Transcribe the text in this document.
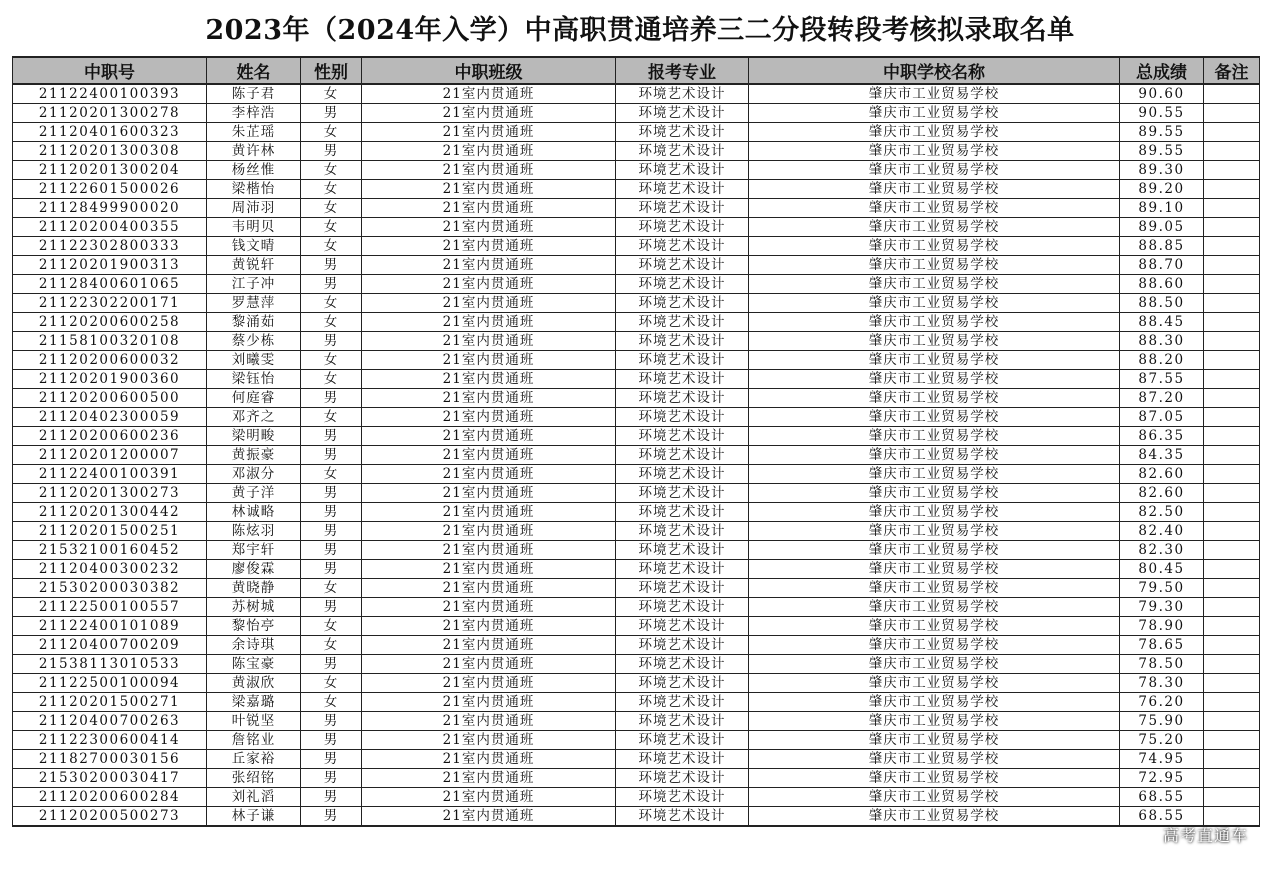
2023年（2024年入学）中高职贯通培养三二分段转段考核拟录取名单
中职号	姓名	性别	中职班级	报考专业	中职学校名称	总成绩	备注
21122400100393	陈子君	女	21室内贯通班	环境艺术设计	肇庆市工业贸易学校	90.60	
21120201300278	李梓浩	男	21室内贯通班	环境艺术设计	肇庆市工业贸易学校	90.55	
21120401600323	朱芷瑶	女	21室内贯通班	环境艺术设计	肇庆市工业贸易学校	89.55	
21120201300308	黄许林	男	21室内贯通班	环境艺术设计	肇庆市工业贸易学校	89.55	
21120201300204	杨丝惟	女	21室内贯通班	环境艺术设计	肇庆市工业贸易学校	89.30	
21122601500026	梁楷怡	女	21室内贯通班	环境艺术设计	肇庆市工业贸易学校	89.20	
21128499900020	周沛羽	女	21室内贯通班	环境艺术设计	肇庆市工业贸易学校	89.10	
21120200400355	韦明贝	女	21室内贯通班	环境艺术设计	肇庆市工业贸易学校	89.05	
21122302800333	钱文晴	女	21室内贯通班	环境艺术设计	肇庆市工业贸易学校	88.85	
21120201900313	黄锐轩	男	21室内贯通班	环境艺术设计	肇庆市工业贸易学校	88.70	
21128400601065	江子冲	男	21室内贯通班	环境艺术设计	肇庆市工业贸易学校	88.60	
21122302200171	罗慧萍	女	21室内贯通班	环境艺术设计	肇庆市工业贸易学校	88.50	
21120200600258	黎涌茹	女	21室内贯通班	环境艺术设计	肇庆市工业贸易学校	88.45	
21158100320108	蔡少栋	男	21室内贯通班	环境艺术设计	肇庆市工业贸易学校	88.30	
21120200600032	刘曦雯	女	21室内贯通班	环境艺术设计	肇庆市工业贸易学校	88.20	
21120201900360	梁钰怡	女	21室内贯通班	环境艺术设计	肇庆市工业贸易学校	87.55	
21120200600500	何庭睿	男	21室内贯通班	环境艺术设计	肇庆市工业贸易学校	87.20	
21120402300059	邓齐之	女	21室内贯通班	环境艺术设计	肇庆市工业贸易学校	87.05	
21120200600236	梁明畯	男	21室内贯通班	环境艺术设计	肇庆市工业贸易学校	86.35	
21120201200007	黄振豪	男	21室内贯通班	环境艺术设计	肇庆市工业贸易学校	84.35	
21122400100391	邓淑分	女	21室内贯通班	环境艺术设计	肇庆市工业贸易学校	82.60	
21120201300273	黄子洋	男	21室内贯通班	环境艺术设计	肇庆市工业贸易学校	82.60	
21120201300442	林诚略	男	21室内贯通班	环境艺术设计	肇庆市工业贸易学校	82.50	
21120201500251	陈炫羽	男	21室内贯通班	环境艺术设计	肇庆市工业贸易学校	82.40	
21532100160452	郑宇轩	男	21室内贯通班	环境艺术设计	肇庆市工业贸易学校	82.30	
21120400300232	廖俊霖	男	21室内贯通班	环境艺术设计	肇庆市工业贸易学校	80.45	
21530200030382	黄晓静	女	21室内贯通班	环境艺术设计	肇庆市工业贸易学校	79.50	
21122500100557	苏树城	男	21室内贯通班	环境艺术设计	肇庆市工业贸易学校	79.30	
21122400101089	黎怡亭	女	21室内贯通班	环境艺术设计	肇庆市工业贸易学校	78.90	
21120400700209	余诗琪	女	21室内贯通班	环境艺术设计	肇庆市工业贸易学校	78.65	
21538113010533	陈宝豪	男	21室内贯通班	环境艺术设计	肇庆市工业贸易学校	78.50	
21122500100094	黄淑欣	女	21室内贯通班	环境艺术设计	肇庆市工业贸易学校	78.30	
21120201500271	梁嘉璐	女	21室内贯通班	环境艺术设计	肇庆市工业贸易学校	76.20	
21120400700263	叶锐坚	男	21室内贯通班	环境艺术设计	肇庆市工业贸易学校	75.90	
21122300600414	詹铭业	男	21室内贯通班	环境艺术设计	肇庆市工业贸易学校	75.20	
21182700030156	丘家裕	男	21室内贯通班	环境艺术设计	肇庆市工业贸易学校	74.95	
21530200030417	张绍铭	男	21室内贯通班	环境艺术设计	肇庆市工业贸易学校	72.95	
21120200600284	刘礼滔	男	21室内贯通班	环境艺术设计	肇庆市工业贸易学校	68.55	
21120200500273	林子谦	男	21室内贯通班	环境艺术设计	肇庆市工业贸易学校	68.55	
高考直通车
